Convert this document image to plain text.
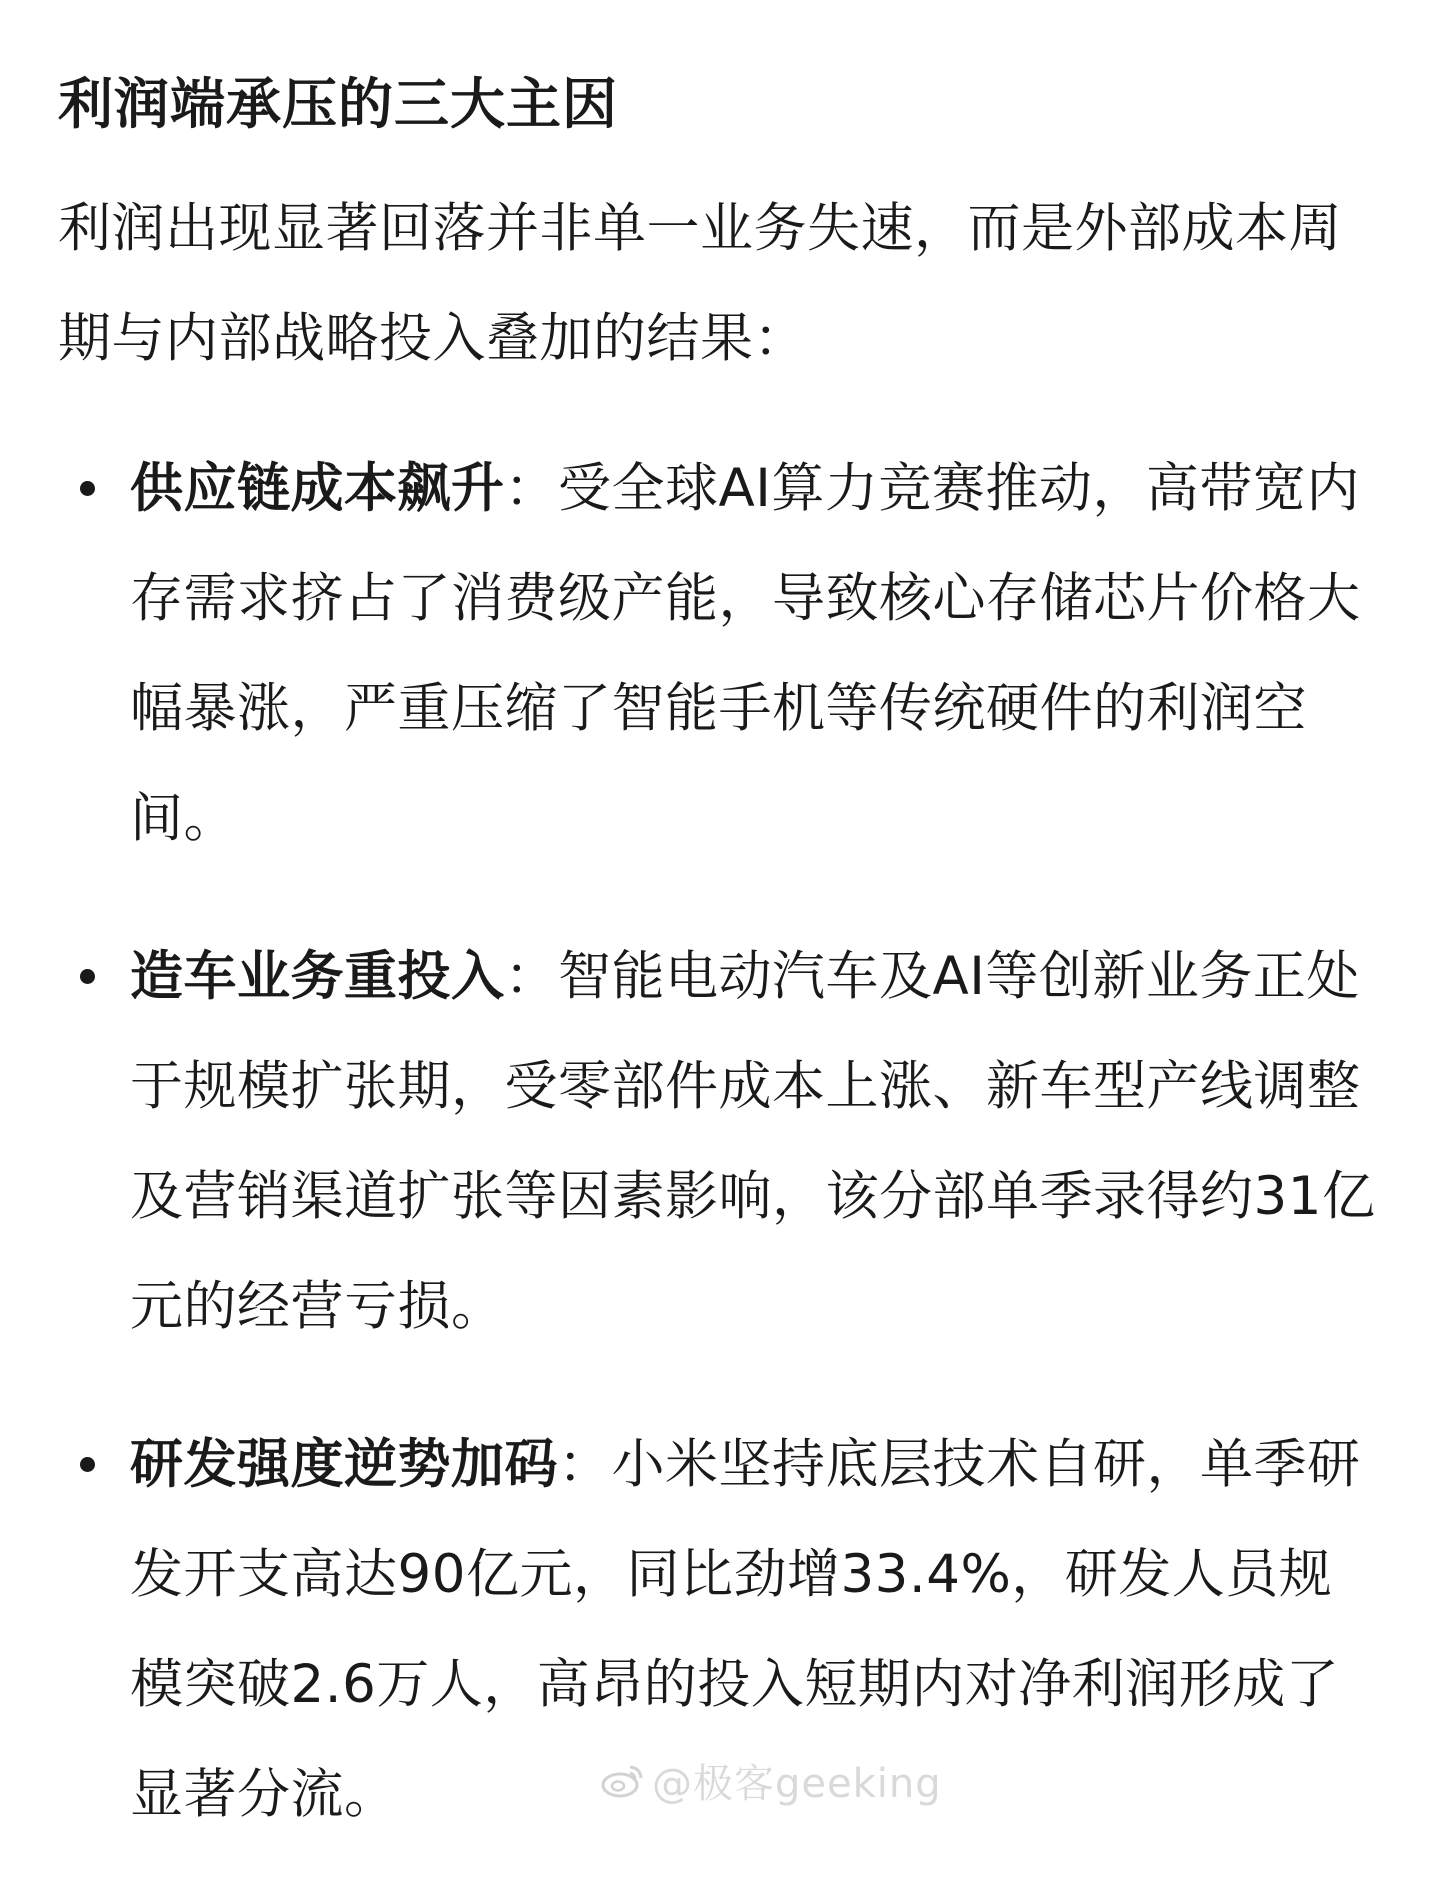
利润端承压的三大主因

利润出现显著回落并非单一业务失速，而是外部成本周期与内部战略投入叠加的结果：

供应链成本飙升：受全球AI算力竞赛推动，高带宽内存需求挤占了消费级产能，导致核心存储芯片价格大幅暴涨，严重压缩了智能手机等传统硬件的利润空间。
造车业务重投入：智能电动汽车及AI等创新业务正处于规模扩张期，受零部件成本上涨、新车型产线调整及营销渠道扩张等因素影响，该分部单季录得约31亿元的经营亏损。
研发强度逆势加码：小米坚持底层技术自研，单季研发开支高达90亿元，同比劲增33.4%，研发人员规模突破2.6万人，高昂的投入短期内对净利润形成了显著分流。	@极客geeking
